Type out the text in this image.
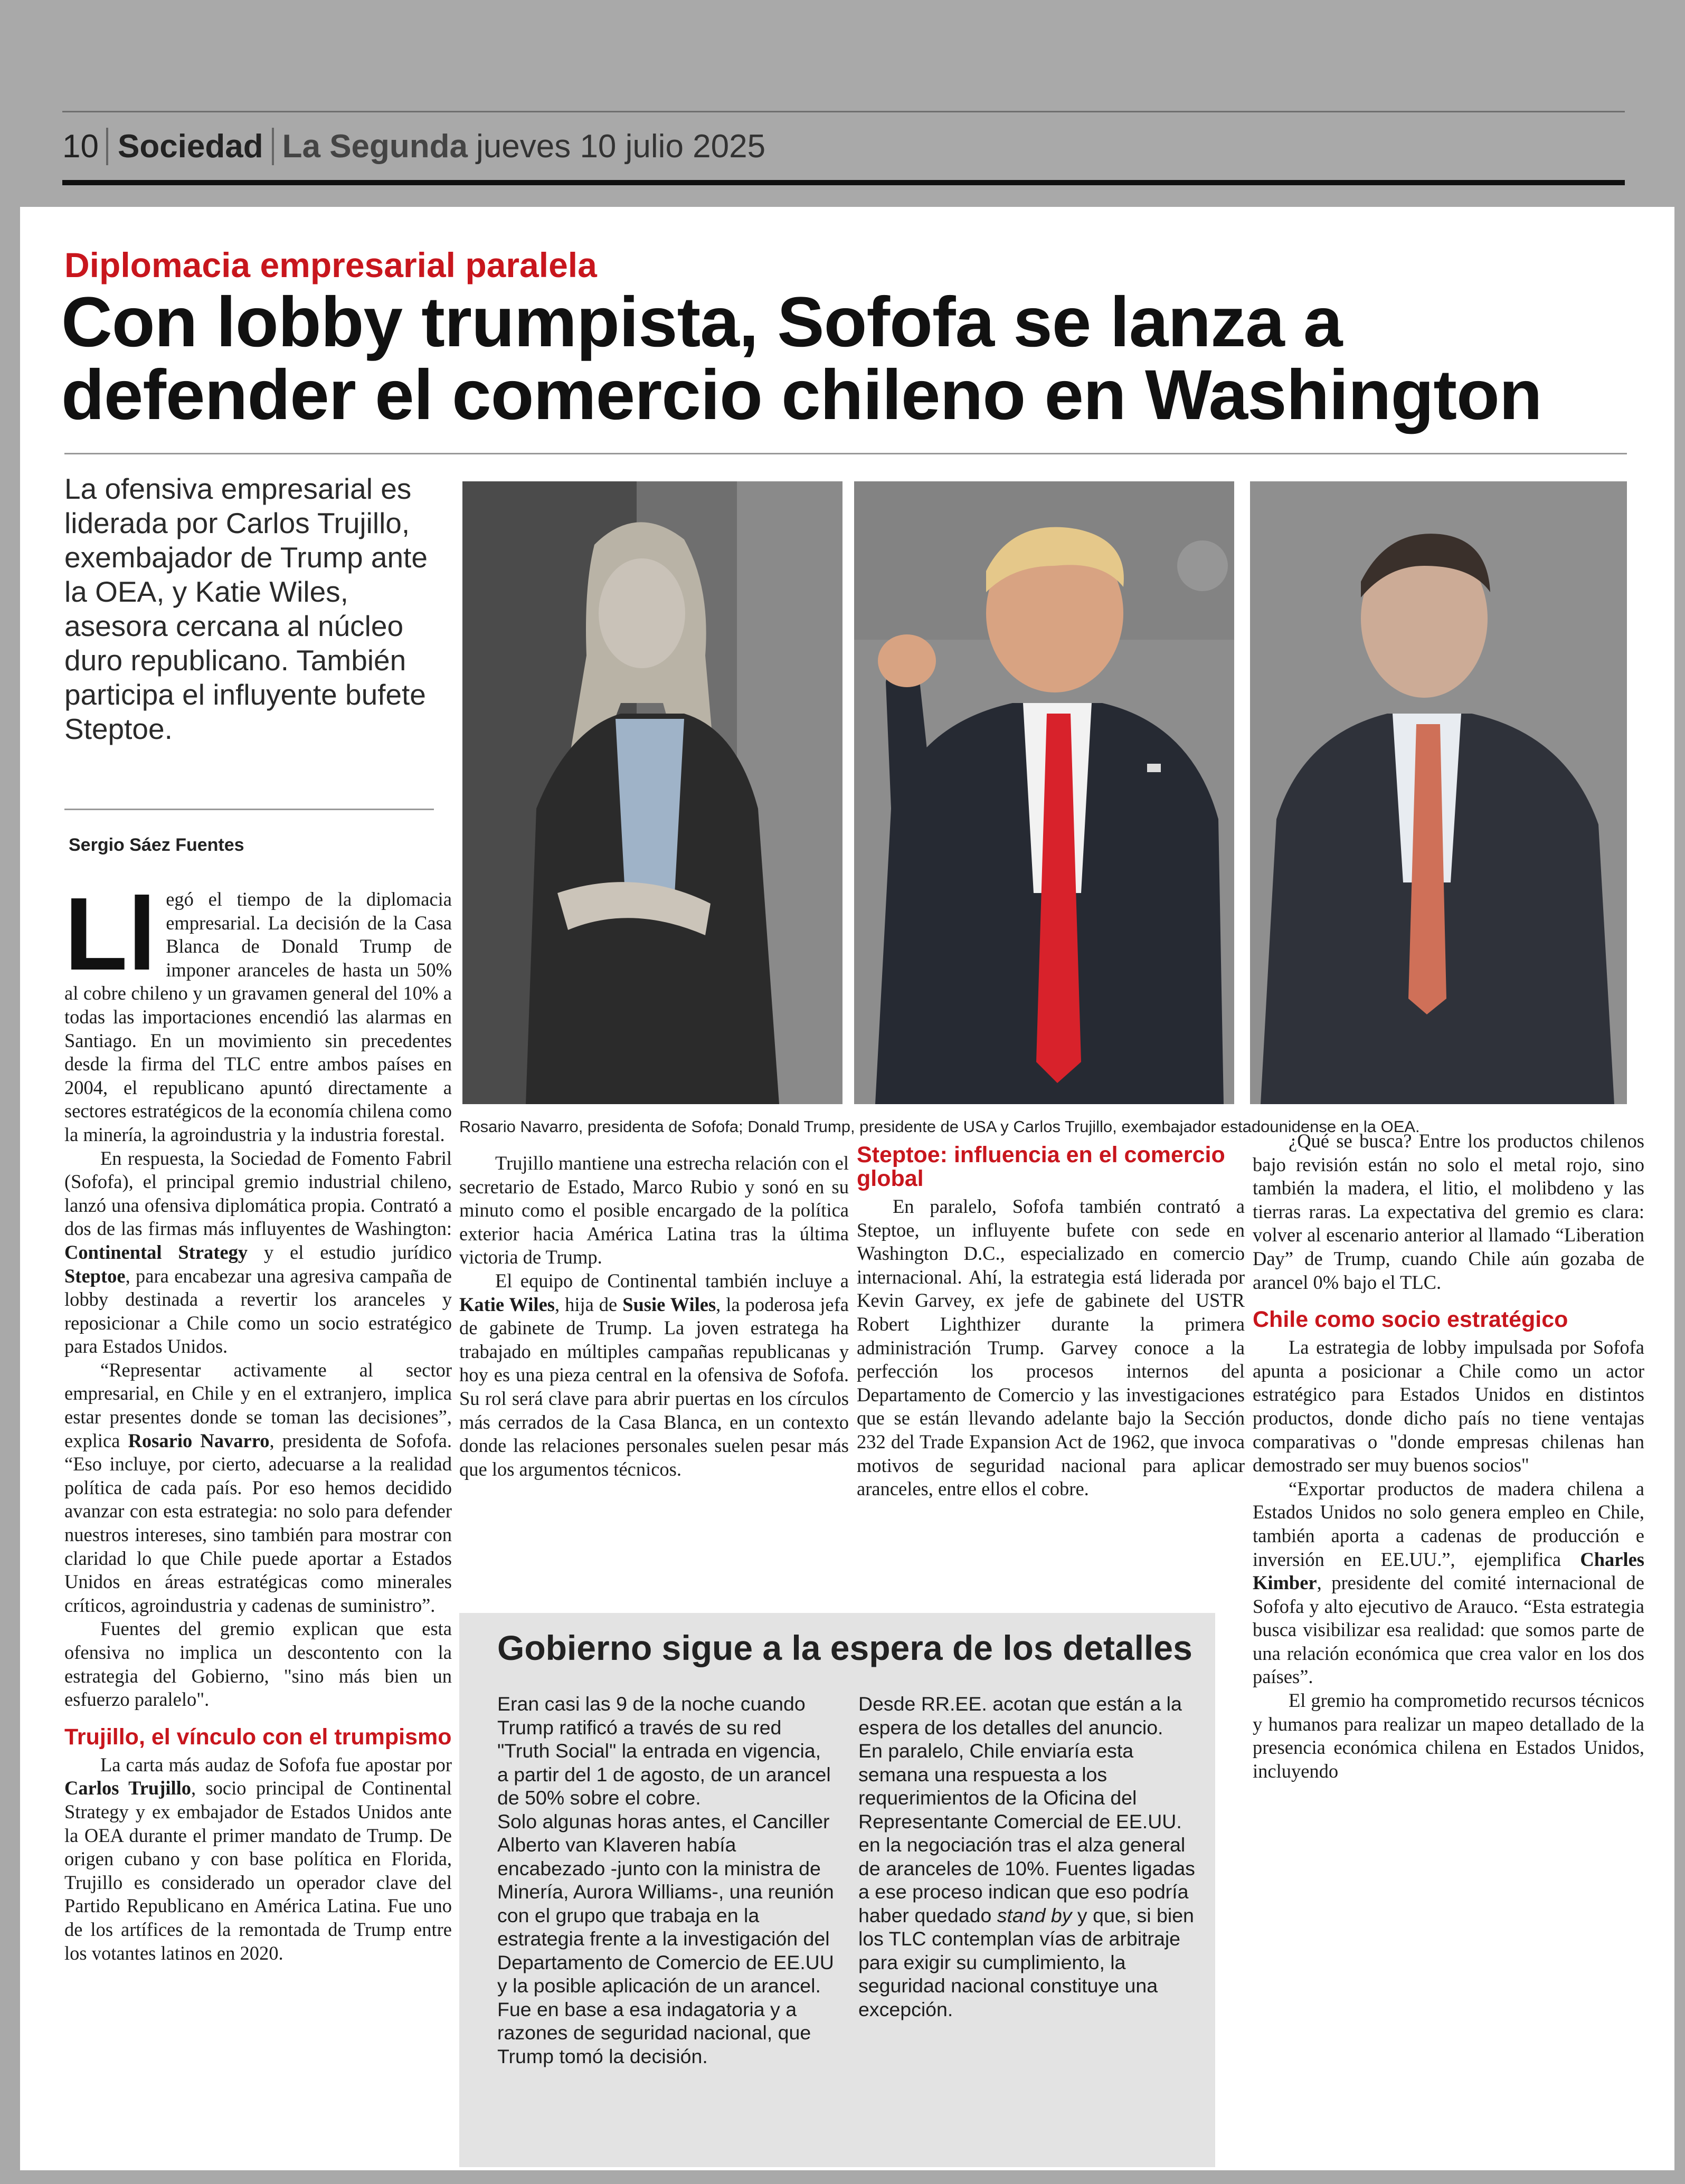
10 Sociedad La Segunda jueves 10 julio 2025
Diplomacia empresarial paralela
Con lobby trumpista, Sofofa se lanza a defender el comercio chileno en Washington

La ofensiva empresarial es liderada por Carlos Trujillo, exembajador de Trump ante la OEA, y Katie Wiles, asesora cercana al núcleo duro republicano. También participa el influyente bufete Steptoe.

Sergio Sáez Fuentes

Rosario Navarro, presidenta de Sofofa; Donald Trump, presidente de USA y Carlos Trujillo, exembajador estadounidense en la OEA.

Ll egó el tiempo de la diplomacia empresarial. La decisión de la Casa Blanca de Donald Trump de imponer aranceles de hasta un 50% al cobre chileno y un gravamen general del 10% a todas las importaciones encendió las alarmas en Santiago. En un movimiento sin precedentes desde la firma del TLC entre ambos países en 2004, el republicano apuntó directamente a sectores estratégicos de la economía chilena como la minería, la agroindustria y la industria forestal.

En respuesta, la Sociedad de Fomento Fabril (Sofofa), el principal gremio industrial chileno, lanzó una ofensiva diplomática propia. Contrató a dos de las firmas más influyentes de Washington: Continental Strategy y el estudio jurídico Steptoe, para encabezar una agresiva campaña de lobby destinada a revertir los aranceles y reposicionar a Chile como un socio estratégico para Estados Unidos.

“Representar activamente al sector empresarial, en Chile y en el extranjero, implica estar presentes donde se toman las decisiones”, explica Rosario Navarro, presidenta de Sofofa. “Eso incluye, por cierto, adecuarse a la realidad política de cada país. Por eso hemos decidido avanzar con esta estrategia: no solo para defender nuestros intereses, sino también para mostrar con claridad lo que Chile puede aportar a Estados Unidos en áreas estratégicas como minerales críticos, agroindustria y cadenas de suministro”.

Fuentes del gremio explican que esta ofensiva no implica un descontento con la estrategia del Gobierno, "sino más bien un esfuerzo paralelo".

Trujillo, el vínculo con el trumpismo

La carta más audaz de Sofofa fue apostar por Carlos Trujillo, socio principal de Continental Strategy y ex embajador de Estados Unidos ante la OEA durante el primer mandato de Trump. De origen cubano y con base política en Florida, Trujillo es considerado un operador clave del Partido Republicano en América Latina. Fue uno de los artífices de la remontada de Trump entre los votantes latinos en 2020.

Trujillo mantiene una estrecha relación con el secretario de Estado, Marco Rubio y sonó en su minuto como el posible encargado de la política exterior hacia América Latina tras la última victoria de Trump.

El equipo de Continental también incluye a Katie Wiles, hija de Susie Wiles, la poderosa jefa de gabinete de Trump. La joven estratega ha trabajado en múltiples campañas republicanas y hoy es una pieza central en la ofensiva de Sofofa. Su rol será clave para abrir puertas en los círculos más cerrados de la Casa Blanca, en un contexto donde las relaciones personales suelen pesar más que los argumentos técnicos.

Steptoe: influencia en el comercio global

En paralelo, Sofofa también contrató a Steptoe, un influyente bufete con sede en Washington D.C., especializado en comercio internacional. Ahí, la estrategia está liderada por Kevin Garvey, ex jefe de gabinete del USTR Robert Lighthizer durante la primera administración Trump. Garvey conoce a la perfección los procesos internos del Departamento de Comercio y las investigaciones que se están llevando adelante bajo la Sección 232 del Trade Expansion Act de 1962, que invoca motivos de seguridad nacional para aplicar aranceles, entre ellos el cobre.

¿Qué se busca? Entre los productos chilenos bajo revisión están no solo el metal rojo, sino también la madera, el litio, el molibdeno y las tierras raras. La expectativa del gremio es clara: volver al escenario anterior al llamado “Liberation Day” de Trump, cuando Chile aún gozaba de arancel 0% bajo el TLC.

Chile como socio estratégico

La estrategia de lobby impulsada por Sofofa apunta a posicionar a Chile como un actor estratégico para Estados Unidos en distintos productos, donde dicho país no tiene ventajas comparativas o "donde empresas chilenas han demostrado ser muy buenos socios"

“Exportar productos de madera chilena a Estados Unidos no solo genera empleo en Chile, también aporta a cadenas de producción e inversión en EE.UU.”, ejemplifica Charles Kimber, presidente del comité internacional de Sofofa y alto ejecutivo de Arauco. “Esta estrategia busca visibilizar esa realidad: que somos parte de una relación económica que crea valor en los dos países”.

El gremio ha comprometido recursos técnicos y humanos para realizar un mapeo detallado de la presencia económica chilena en Estados Unidos, incluyendo

Gobierno sigue a la espera de los detalles

Eran casi las 9 de la noche cuando Trump ratificó a través de su red "Truth Social" la entrada en vigencia, a partir del 1 de agosto, de un arancel de 50% sobre el cobre.

Solo algunas horas antes, el Canciller Alberto van Klaveren había encabezado -junto con la ministra de Minería, Aurora Williams-, una reunión con el grupo que trabaja en la estrategia frente a la investigación del Departamento de Comercio de EE.UU y la posible aplicación de un arancel. Fue en base a esa indagatoria y a razones de seguridad nacional, que Trump tomó la decisión.

Desde RR.EE. acotan que están a la espera de los detalles del anuncio.

En paralelo, Chile enviaría esta semana una respuesta a los requerimientos de la Oficina del Representante Comercial de EE.UU. en la negociación tras el alza general de aranceles de 10%. Fuentes ligadas a ese proceso indican que eso podría haber quedado stand by y que, si bien los TLC contemplan vías de arbitraje para exigir su cumplimiento, la seguridad nacional constituye una excepción.
